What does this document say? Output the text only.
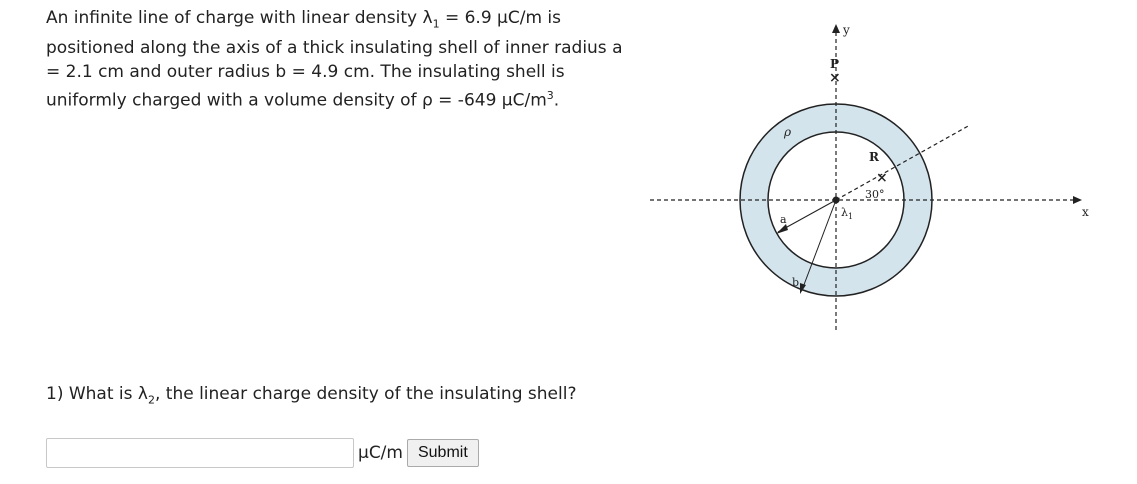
An infinite line of charge with linear density $\lambda_1 = 6.9$ μC/m is

positioned along the axis of a thick insulating shell of inner radius a

= 2.1 cm and outer radius b = 4.9 cm. The insulating shell is

uniformly charged with a volume density of ρ = -649 $\mu C/m^3$.

×
×
y
x
P
R
ρ
a
b
$\lambda_1$
30°
1) What is $\lambda_2$, the linear charge density of the insulating shell?
μC/m Submit
